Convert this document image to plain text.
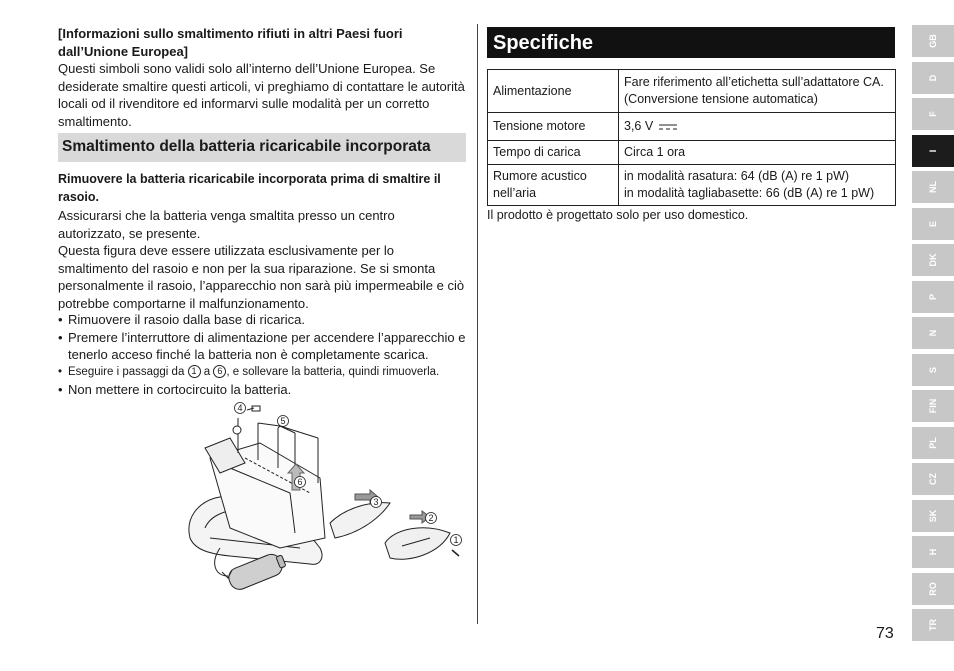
[Informazioni sullo smaltimento rifiuti in altri Paesi fuori dall’Unione Europea]
Questi simboli sono validi solo all’interno dell’Unione Europea. Se desiderate smaltire questi articoli, vi preghiamo di contattare le autorità locali od il rivenditore ed informarvi sulle modalità per un corretto smaltimento.
Smaltimento della batteria ricaricabile incorporata
Rimuovere la batteria ricaricabile incorporata prima di smaltire il rasoio.
Assicurarsi che la batteria venga smaltita presso un centro autorizzato, se presente.
Questa figura deve essere utilizzata esclusivamente per lo smaltimento del rasoio e non per la sua riparazione. Se si smonta personalmente il rasoio, l’apparecchio non sarà più impermeabile e ciò potrebbe comportarne il malfunzionamento.
• Rimuovere il rasoio dalla base di ricarica.
• Premere l’interruttore di alimentazione per accendere l’apparecchio e tenerlo acceso finché la batteria non è completamente scarica.
• Eseguire i passaggi da 1 a 6 , e sollevare la batteria, quindi rimuoverla.
• Non mettere in cortocircuito la batteria.
4
5
6
3
2
1
Specifiche
Alimentazione	Fare riferimento all’etichetta sull’adattatore CA. (Conversione tensione automatica)
Tensione motore	3,6 V
Tempo di carica	Circa 1 ora
Rumore acustico nell’aria	in modalità rasatura: 64 (dB (A) re 1 pW)
in modalità tagliabasette: 66 (dB (A) re 1 pW)
Il prodotto è progettato solo per uso domestico.
GB
D
F
I
NL
E
DK
P
N
S
FIN
PL
CZ
SK
H
RO
TR
73
